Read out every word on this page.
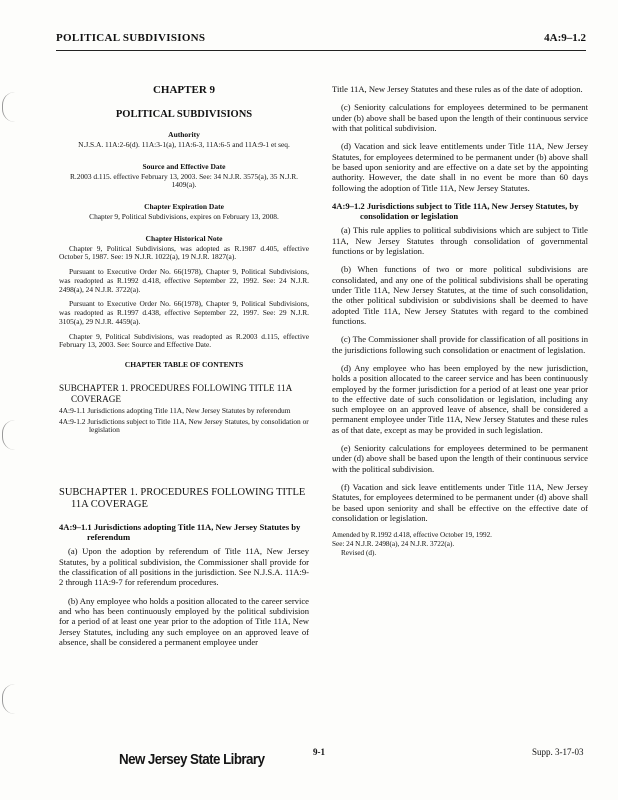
POLITICAL SUBDIVISIONS	4A:9–1.2
CHAPTER 9
POLITICAL SUBDIVISIONS
Authority
N.J.S.A. 11A:2-6(d). 11A:3-1(a), 11A:6-3, 11A:6-5 and 11A:9-1 et seq.
Source and Effective Date
R.2003 d.115. effective February 13, 2003. See: 34 N.J.R. 3575(a), 35 N.J.R. 1409(a).
Chapter Expiration Date
Chapter 9, Political Subdivisions, expires on February 13, 2008.
Chapter Historical Note
Chapter 9, Political Subdivisions, was adopted as R.1987 d.405, effective October 5, 1987. See: 19 N.J.R. 1022(a), 19 N.J.R. 1827(a).
Pursuant to Executive Order No. 66(1978), Chapter 9, Political Subdivisions, was readopted as R.1992 d.418, effective September 22, 1992. See: 24 N.J.R. 2498(a), 24 N.J.R. 3722(a).
Pursuant to Executive Order No. 66(1978), Chapter 9, Political Subdivisions, was readopted as R.1997 d.438, effective September 22, 1997. See: 29 N.J.R. 3105(a), 29 N.J.R. 4459(a).
Chapter 9, Political Subdivisions, was readopted as R.2003 d.115, effective February 13, 2003. See: Source and Effective Date.
CHAPTER TABLE OF CONTENTS
SUBCHAPTER 1. PROCEDURES FOLLOWING TITLE 11A COVERAGE
4A:9-1.1 Jurisdictions adopting Title 11A, New Jersey Statutes by referendum
4A:9-1.2 Jurisdictions subject to Title 11A, New Jersey Statutes, by consolidation or legislation
SUBCHAPTER 1. PROCEDURES FOLLOWING TITLE 11A COVERAGE
4A:9–1.1 Jurisdictions adopting Title 11A, New Jersey Statutes by referendum

(a) Upon the adoption by referendum of Title 11A, New Jersey Statutes, by a political subdivision, the Commissioner shall provide for the classification of all positions in the jurisdiction. See N.J.S.A. 11A:9-2 through 11A:9-7 for referendum procedures.

(b) Any employee who holds a position allocated to the career service and who has been continuously employed by the political subdivision for a period of at least one year prior to the adoption of Title 11A, New Jersey Statutes, including any such employee on an approved leave of absence, shall be considered a permanent employee under

Title 11A, New Jersey Statutes and these rules as of the date of adoption.

(c) Seniority calculations for employees determined to be permanent under (b) above shall be based upon the length of their continuous service with that political subdivision.

(d) Vacation and sick leave entitlements under Title 11A, New Jersey Statutes, for employees determined to be permanent under (b) above shall be based upon seniority and are effective on a date set by the appointing authority. However, the date shall in no event be more than 60 days following the adoption of Title 11A, New Jersey Statutes.

4A:9–1.2 Jurisdictions subject to Title 11A, New Jersey Statutes, by consolidation or legislation

(a) This rule applies to political subdivisions which are subject to Title 11A, New Jersey Statutes through consolidation of governmental functions or by legislation.

(b) When functions of two or more political subdivisions are consolidated, and any one of the political subdivisions shall be operating under Title 11A, New Jersey Statutes, at the time of such consolidation, the other political subdivision or subdivisions shall be deemed to have adopted Title 11A, New Jersey Statutes with regard to the combined functions.

(c) The Commissioner shall provide for classification of all positions in the jurisdictions following such consolidation or enactment of legislation.

(d) Any employee who has been employed by the new jurisdiction, holds a position allocated to the career service and has been continuously employed by the former jurisdiction for a period of at least one year prior to the effective date of such consolidation or legislation, including any such employee on an approved leave of absence, shall be considered a permanent employee under Title 11A, New Jersey Statutes and these rules as of that date, except as may be provided in such legislation.

(e) Seniority calculations for employees determined to be permanent under (d) above shall be based upon the length of their continuous service with the political subdivision.

(f) Vacation and sick leave entitlements under Title 11A, New Jersey Statutes, for employees determined to be permanent under (d) above shall be based upon seniority and shall be effective on the effective date of consolidation or legislation.

Amended by R.1992 d.418, effective October 19, 1992.
See: 24 N.J.R. 2498(a), 24 N.J.R. 3722(a).
Revised (d).
9-1	Supp. 3-17-03
New Jersey State Library
